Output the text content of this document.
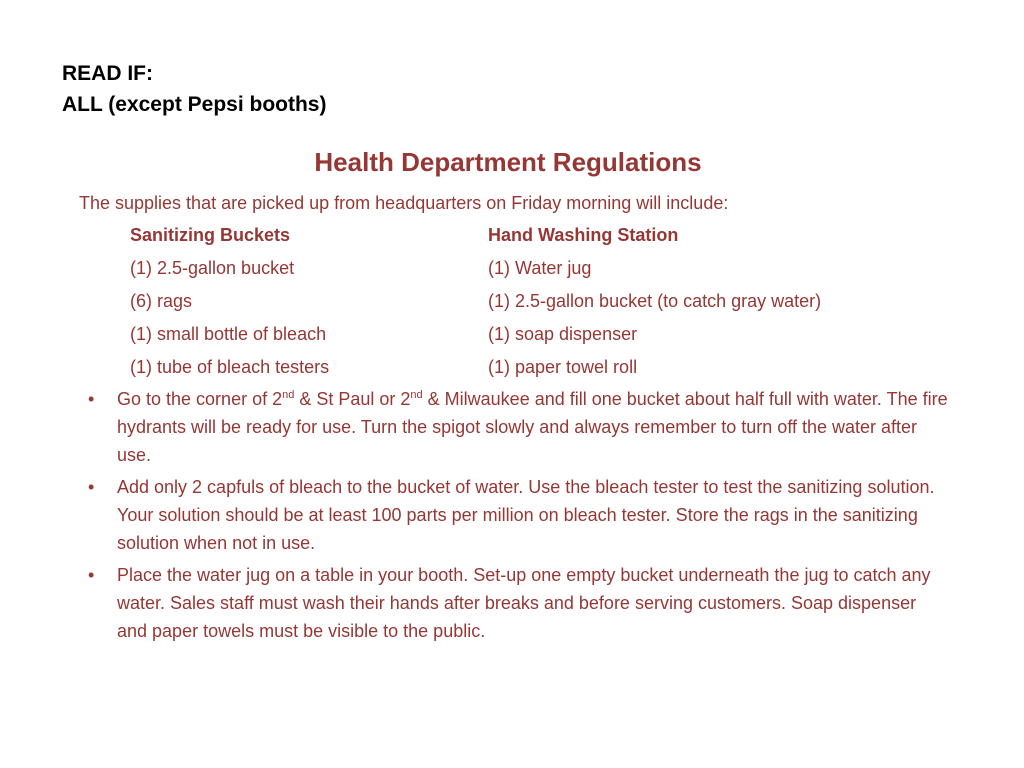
READ IF:
ALL (except Pepsi booths)
Health Department Regulations
The supplies that are picked up from headquarters on Friday morning will include:
Sanitizing Buckets	Hand Washing Station
(1) 2.5-gallon bucket	(1) Water jug
(6) rags	(1) 2.5-gallon bucket (to catch gray water)
(1) small bottle of bleach	(1) soap dispenser
(1) tube of bleach testers	(1) paper towel roll
• Go to the corner of 2nd & St Paul or 2nd & Milwaukee and fill one bucket about half full with water. The fire hydrants will be ready for use. Turn the spigot slowly and always remember to turn off the water after use.
• Add only 2 capfuls of bleach to the bucket of water. Use the bleach tester to test the sanitizing solution. Your solution should be at least 100 parts per million on bleach tester. Store the rags in the sanitizing solution when not in use.
• Place the water jug on a table in your booth. Set-up one empty bucket underneath the jug to catch any water. Sales staff must wash their hands after breaks and before serving customers. Soap dispenser and paper towels must be visible to the public.
